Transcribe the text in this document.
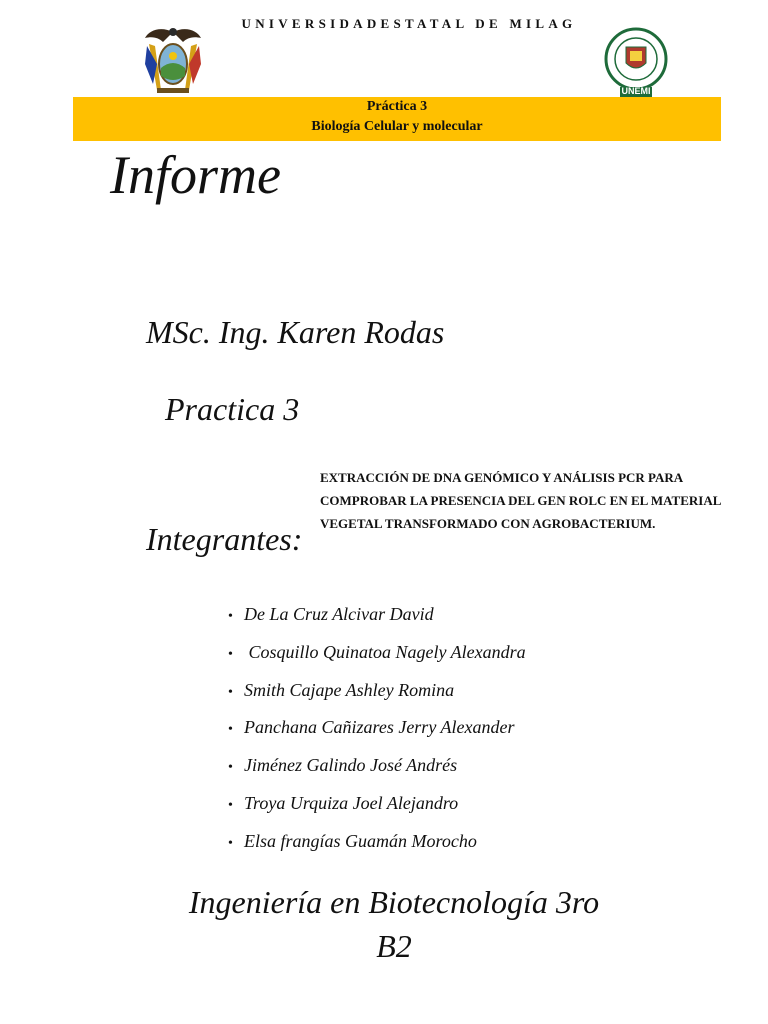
UNIVERSIDADESTATAL DE MILAG
UNEMI
Práctica 3
Biología Celular y molecular
Informe
MSc. Ing. Karen Rodas
Practica 3
EXTRACCIÓN DE DNA GENÓMICO Y ANÁLISIS PCR PARA COMPROBAR LA PRESENCIA DEL GEN ROLC EN EL MATERIAL VEGETAL TRANSFORMADO CON AGROBACTERIUM.
Integrantes:
• De La Cruz Alcivar David
• Cosquillo Quinatoa Nagely Alexandra
• Smith Cajape Ashley Romina
• Panchana Cañizares Jerry Alexander
• Jiménez Galindo José Andrés
• Troya Urquiza Joel Alejandro
• Elsa frangías Guamán Morocho
Ingeniería en Biotecnología 3ro
B2
